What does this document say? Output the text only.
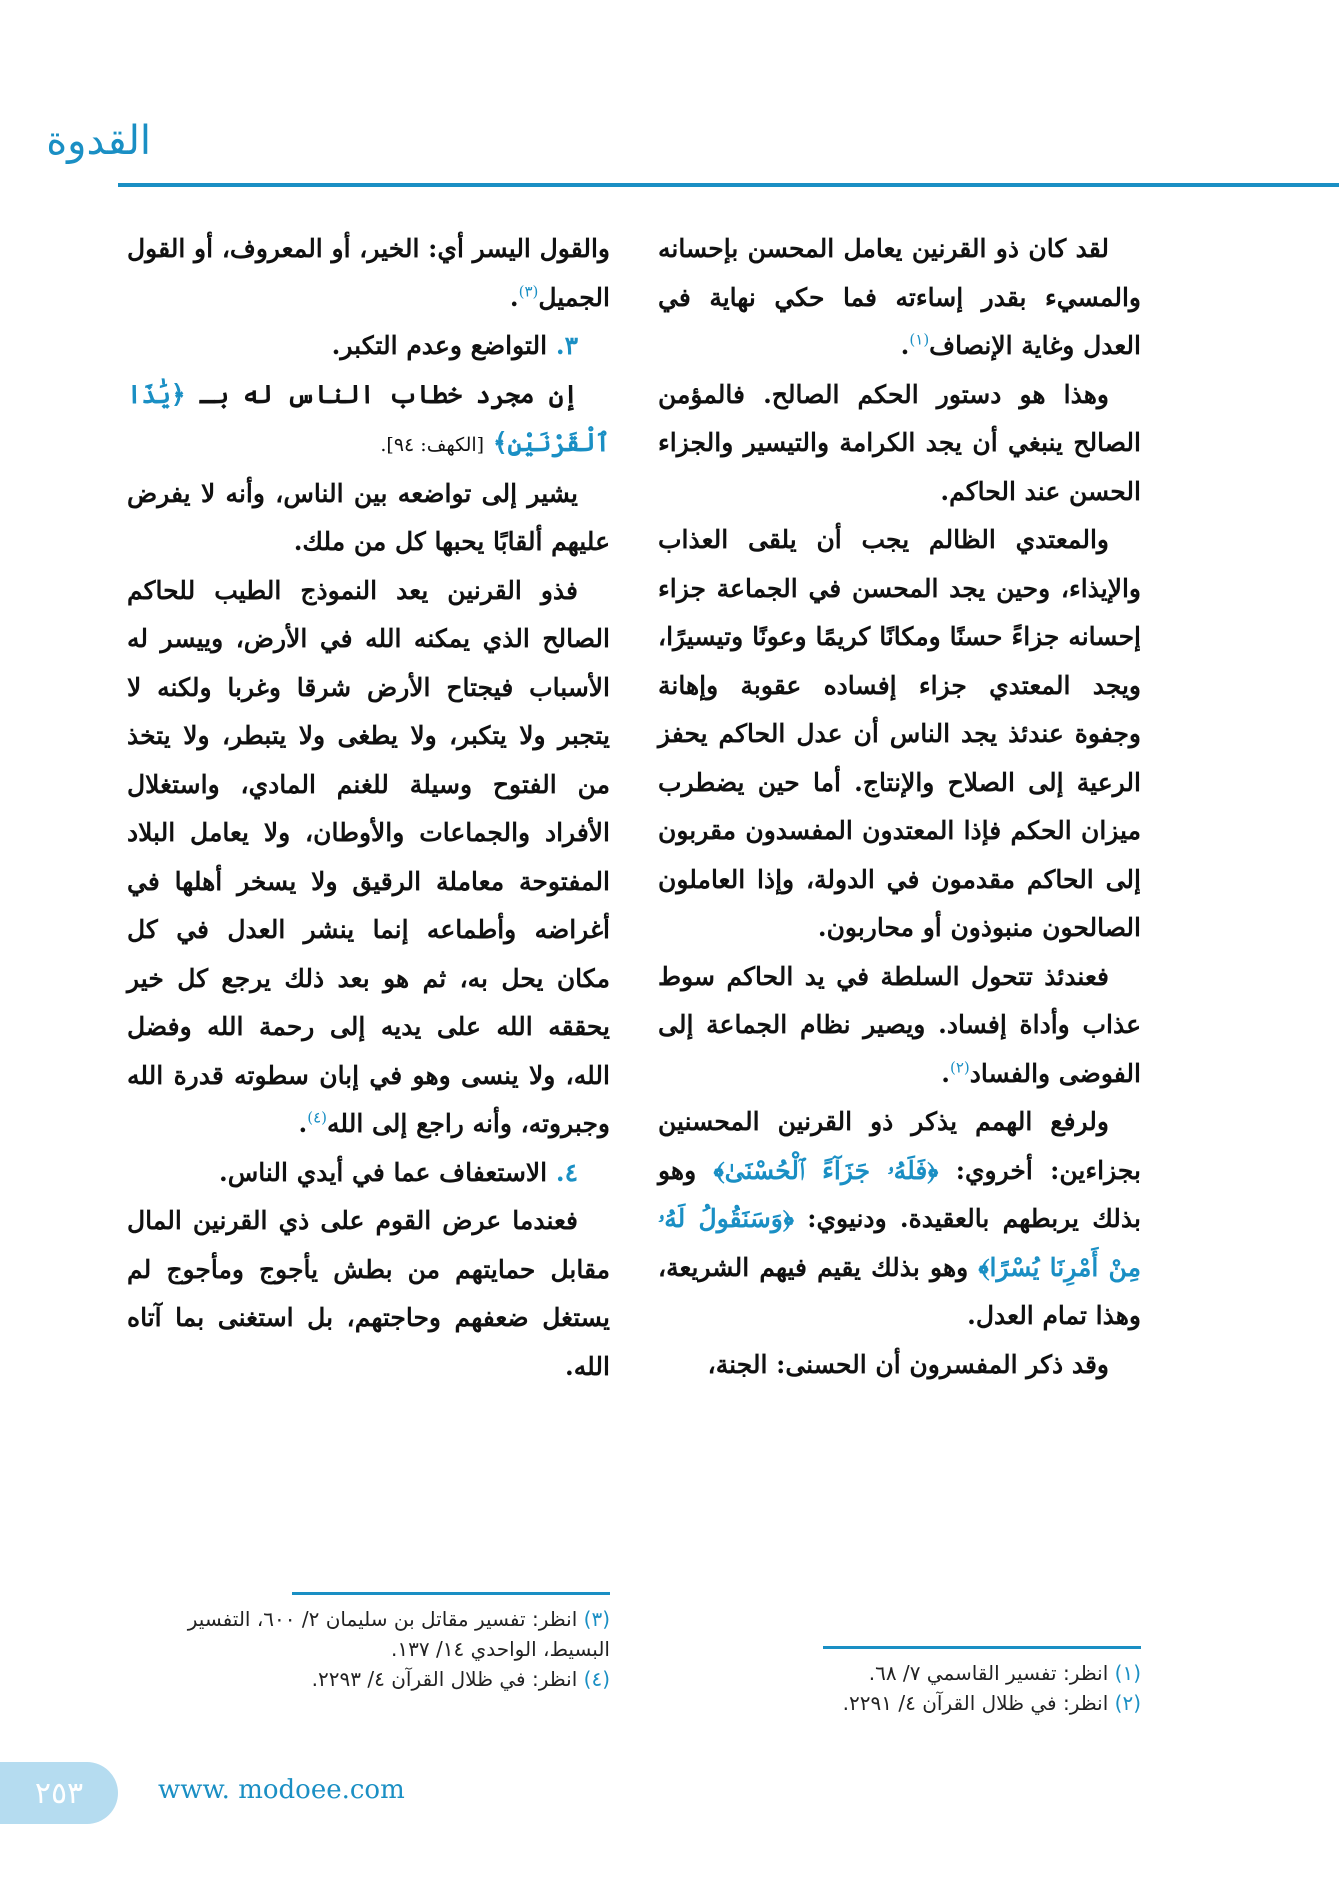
القدوة

لقد كان ذو القرنين يعامل المحسن بإحسانه والمسيء بقدر إساءته فما حكي نهاية في العدل وغاية الإنصاف$^{(١)}$.

وهذا هو دستور الحكم الصالح. فالمؤمن الصالح ينبغي أن يجد الكرامة والتيسير والجزاء الحسن عند الحاكم.

والمعتدي الظالم يجب أن يلقى العذاب والإيذاء، وحين يجد المحسن في الجماعة جزاء إحسانه جزاءً حسنًا ومكانًا كريمًا وعونًا وتيسيرًا، ويجد المعتدي جزاء إفساده عقوبة وإهانة وجفوة عندئذ يجد الناس أن عدل الحاكم يحفز الرعية إلى الصلاح والإنتاج. أما حين يضطرب ميزان الحكم فإذا المعتدون المفسدون مقربون إلى الحاكم مقدمون في الدولة، وإذا العاملون الصالحون منبوذون أو محاربون.

فعندئذ تتحول السلطة في يد الحاكم سوط عذاب وأداة إفساد. ويصير نظام الجماعة إلى الفوضى والفساد$^{(٢)}$.

ولرفع الهمم يذكر ذو القرنين المحسنين بجزاءين: أخروي: ﴿فَلَهُۥ جَزَآءً ٱلْحُسْنَىٰ﴾ وهو بذلك يربطهم بالعقيدة. ودنيوي: ﴿وَسَنَقُولُ لَهُۥ مِنْ أَمْرِنَا يُسْرًا﴾ وهو بذلك يقيم فيهم الشريعة، وهذا تمام العدل.

وقد ذكر المفسرون أن الحسنى: الجنة،

والقول اليسر أي: الخير، أو المعروف، أو القول الجميل$^{(٣)}$.

٣. التواضع وعدم التكبر.

إن مجرد خطاب الناس له بـ ﴿يَٰذَا ٱلْقَرْنَيْنِ﴾ [الكهف: ٩٤].

يشير إلى تواضعه بين الناس، وأنه لا يفرض عليهم ألقابًا يحبها كل من ملك.

فذو القرنين يعد النموذج الطيب للحاكم الصالح الذي يمكنه الله في الأرض، وييسر له الأسباب فيجتاح الأرض شرقا وغربا ولكنه لا يتجبر ولا يتكبر، ولا يطغى ولا يتبطر، ولا يتخذ من الفتوح وسيلة للغنم المادي، واستغلال الأفراد والجماعات والأوطان، ولا يعامل البلاد المفتوحة معاملة الرقيق ولا يسخر أهلها في أغراضه وأطماعه إنما ينشر العدل في كل مكان يحل به، ثم هو بعد ذلك يرجع كل خير يحققه الله على يديه إلى رحمة الله وفضل الله، ولا ينسى وهو في إبان سطوته قدرة الله وجبروته، وأنه راجع إلى الله$^{(٤)}$.

٤. الاستعفاف عما في أيدي الناس.

فعندما عرض القوم على ذي القرنين المال مقابل حمايتهم من بطش يأجوج ومأجوج لم يستغل ضعفهم وحاجتهم، بل استغنى بما آتاه الله.

(١) انظر: تفسير القاسمي ٧/ ٦٨.
(٢) انظر: في ظلال القرآن ٤/ ٢٢٩١.
(٣) انظر: تفسير مقاتل بن سليمان ٢/ ٦٠٠، التفسير البسيط، الواحدي ١٤/ ١٣٧.
(٤) انظر: في ظلال القرآن ٤/ ٢٢٩٣.
٢٥٣	www. modoee.com
